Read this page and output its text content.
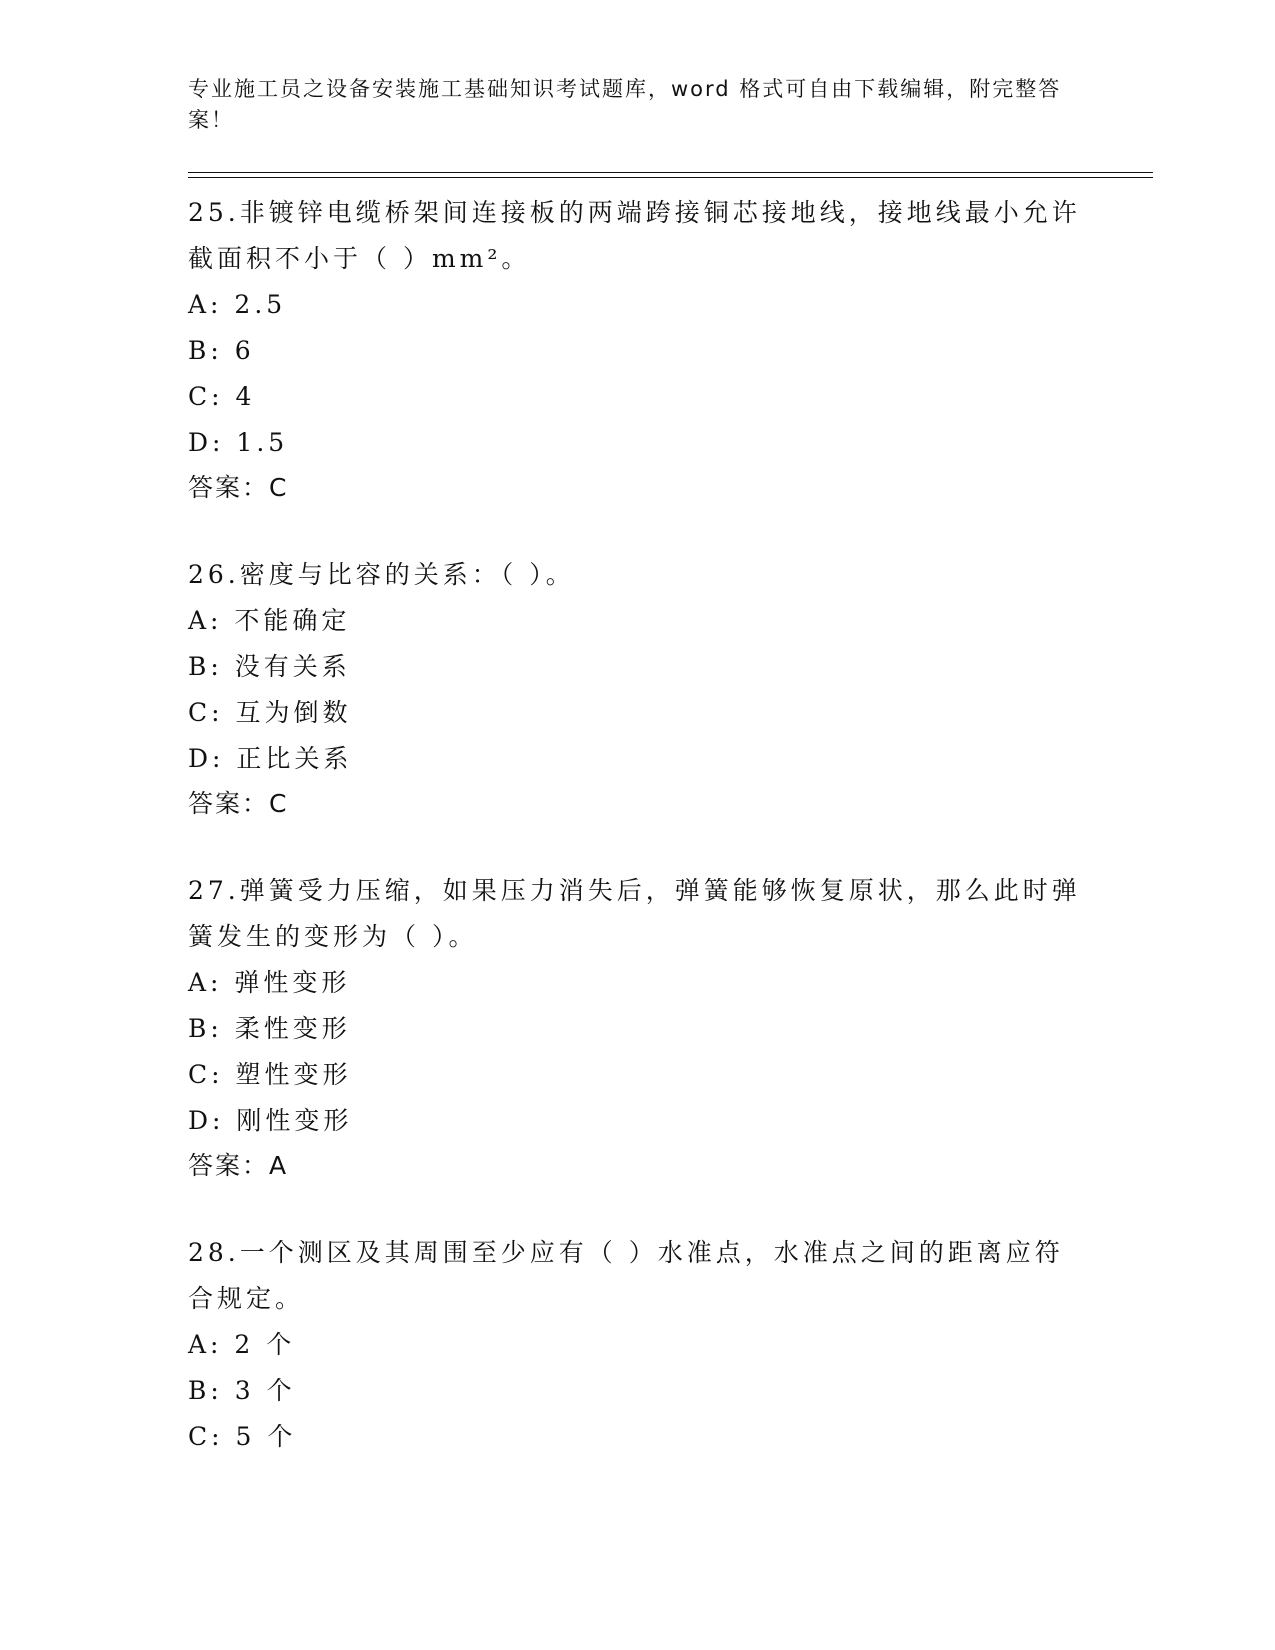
专业施工员之设备安装施工基础知识考试题库，word 格式可自由下载编辑，附完整答案！

25.非镀锌电缆桥架间连接板的两端跨接铜芯接地线，接地线最小允许截面积不小于（ ）mm²。

A: 2.5

B: 6

C: 4

D: 1.5

答案：C

26.密度与比容的关系：（ ）。

A: 不能确定

B: 没有关系

C: 互为倒数

D: 正比关系

答案：C

27.弹簧受力压缩，如果压力消失后，弹簧能够恢复原状，那么此时弹簧发生的变形为（ ）。

A: 弹性变形

B: 柔性变形

C: 塑性变形

D: 刚性变形

答案：A

28.一个测区及其周围至少应有（ ）水准点，水准点之间的距离应符合规定。

A: 2 个

B: 3 个

C: 5 个
